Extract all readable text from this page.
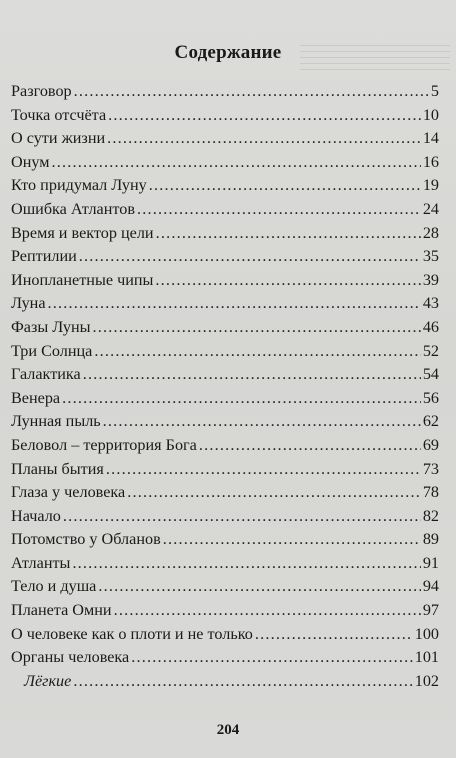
Содержание
Разговор .....	5
Точка отсчёта .....	10
О сути жизни .....	14
Онум .....	16
Кто придумал Луну .....	19
Ошибка Атлантов .....	24
Время и вектор цели .....	28
Рептилии .....	35
Инопланетные чипы .....	39
Луна .....	43
Фазы Луны .....	46
Три Солнца .....	52
Галактика .....	54
Венера .....	56
Лунная пыль .....	62
Беловол – территория Бога .....	69
Планы бытия .....	73
Глаза у человека .....	78
Начало .....	82
Потомство у Обланов .....	89
Атланты .....	91
Тело и душа .....	94
Планета Омни .....	97
О человеке как о плоти и не только .....	100
Органы человека .....	101
Лёгкие .....	102
204
